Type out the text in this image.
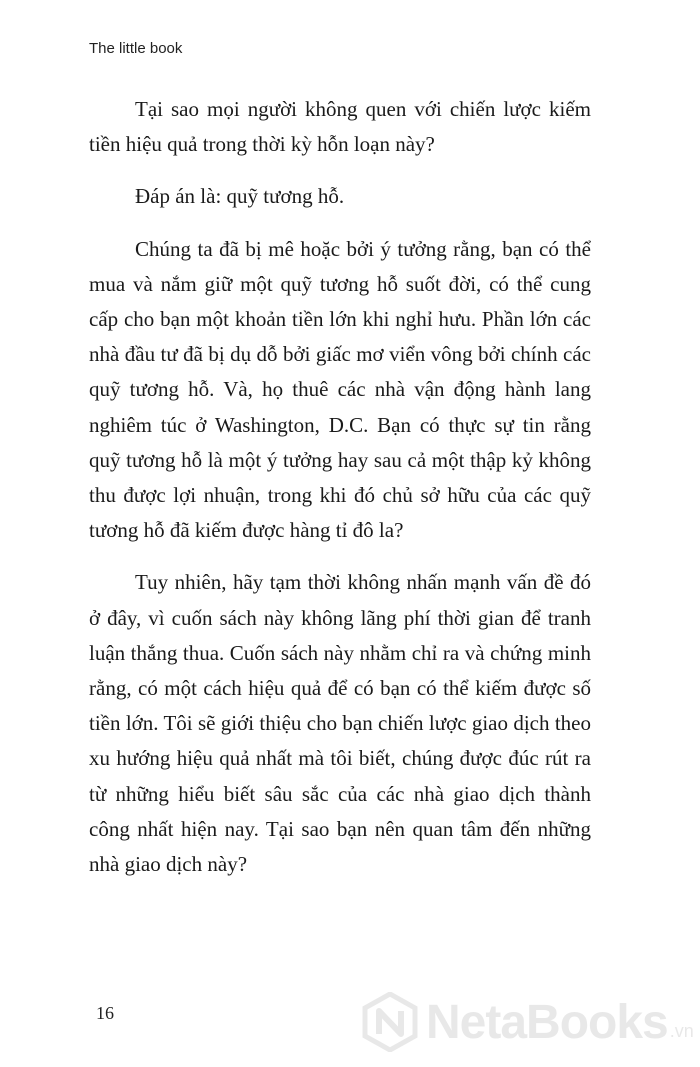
The little book

Tại sao mọi người không quen với chiến lược kiếm tiền hiệu quả trong thời kỳ hỗn loạn này?

Đáp án là: quỹ tương hỗ.

Chúng ta đã bị mê hoặc bởi ý tưởng rằng, bạn có thể mua và nắm giữ một quỹ tương hỗ suốt đời, có thể cung cấp cho bạn một khoản tiền lớn khi nghỉ hưu. Phần lớn các nhà đầu tư đã bị dụ dỗ bởi giấc mơ viển vông bởi chính các quỹ tương hỗ. Và, họ thuê các nhà vận động hành lang nghiêm túc ở Washington, D.C. Bạn có thực sự tin rằng quỹ tương hỗ là một ý tưởng hay sau cả một thập kỷ không thu được lợi nhuận, trong khi đó chủ sở hữu của các quỹ tương hỗ đã kiếm được hàng tỉ đô la?

Tuy nhiên, hãy tạm thời không nhấn mạnh vấn đề đó ở đây, vì cuốn sách này không lãng phí thời gian để tranh luận thắng thua. Cuốn sách này nhằm chỉ ra và chứng minh rằng, có một cách hiệu quả để có bạn có thể kiếm được số tiền lớn. Tôi sẽ giới thiệu cho bạn chiến lược giao dịch theo xu hướng hiệu quả nhất mà tôi biết, chúng được đúc rút ra từ những hiểu biết sâu sắc của các nhà giao dịch thành công nhất hiện nay. Tại sao bạn nên quan tâm đến những nhà giao dịch này?

16	NetaBooks .vn
